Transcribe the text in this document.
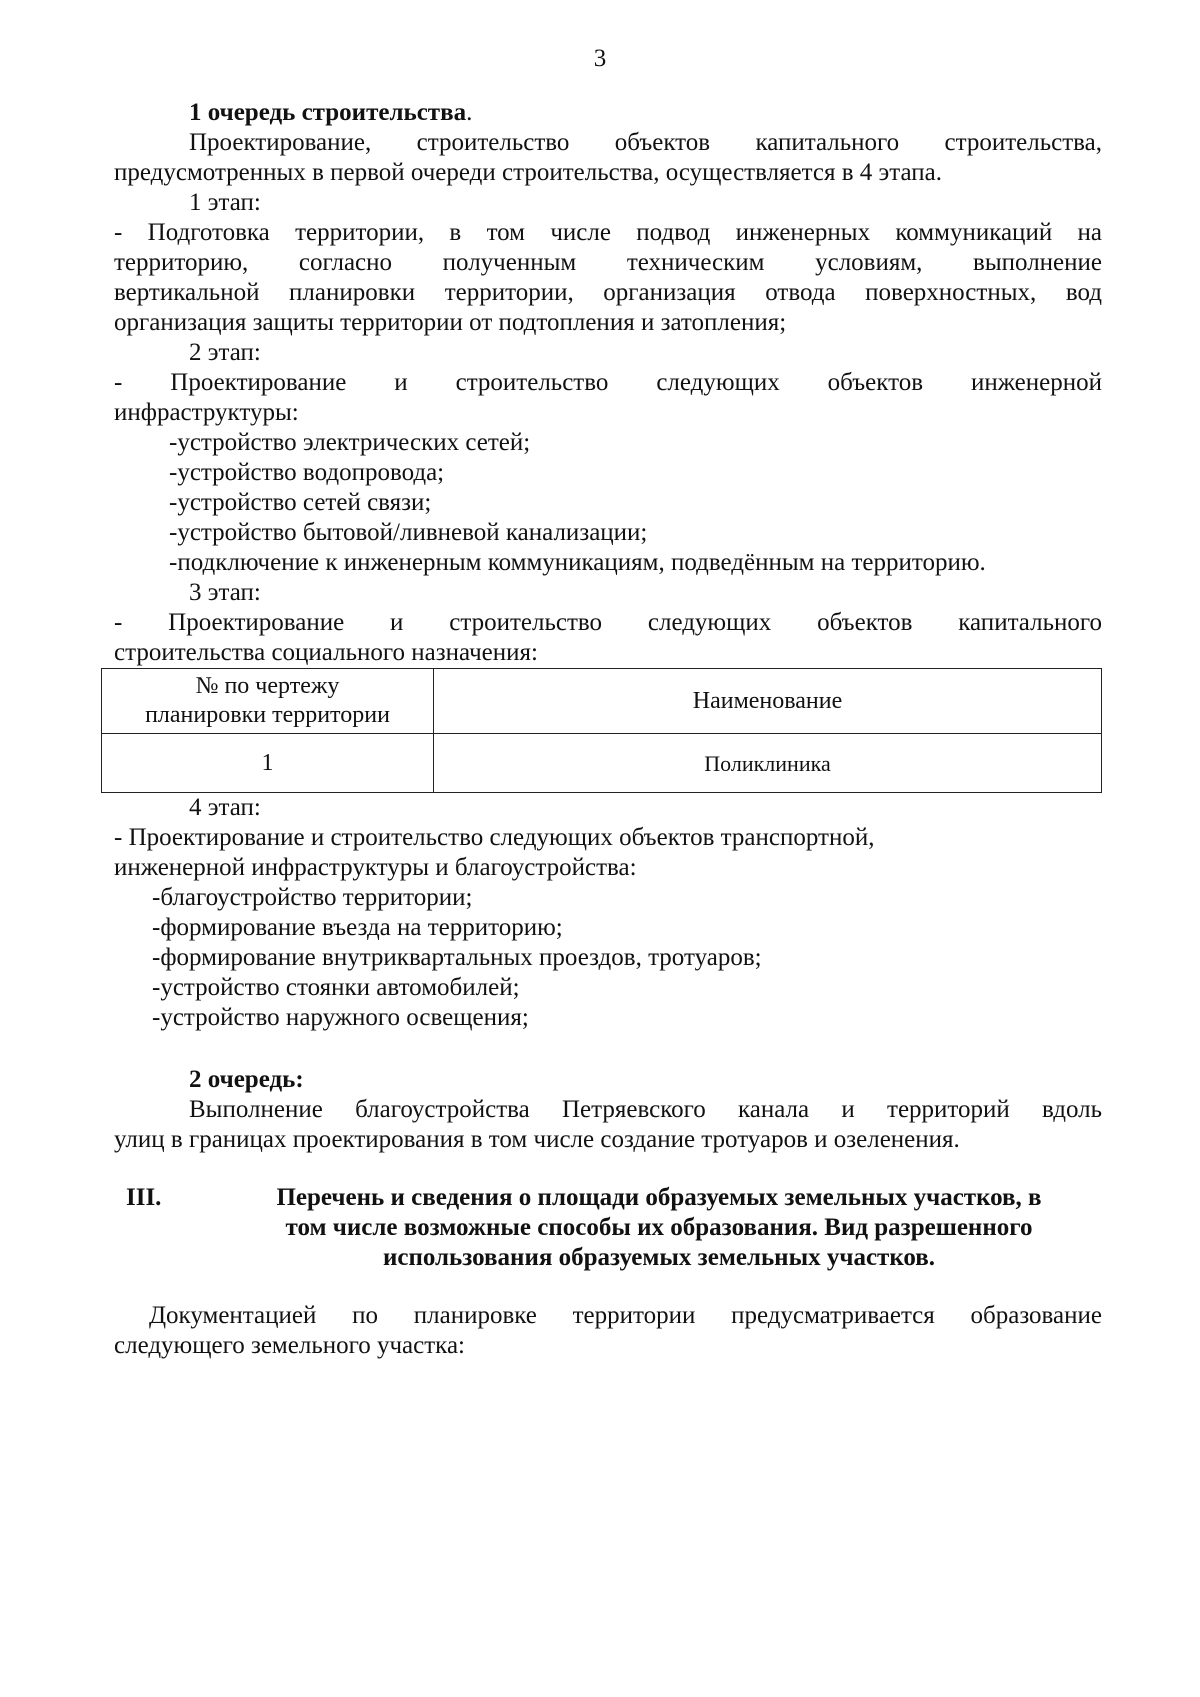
3

1 очередь строительства.

Проектирование, строительство объектов капитального строительства,

предусмотренных в первой очереди строительства, осуществляется в 4 этапа.

1 этап:

- Подготовка территории, в том числе подвод инженерных коммуникаций на

территорию, согласно полученным техническим условиям, выполнение

вертикальной планировки территории, организация отвода поверхностных, вод

организация защиты территории от подтопления и затопления;

2 этап:

- Проектирование и строительство следующих объектов инженерной

инфраструктуры:

-устройство электрических сетей;

-устройство водопровода;

-устройство сетей связи;

-устройство бытовой/ливневой канализации;

-подключение к инженерным коммуникациям, подведённым на территорию.

3 этап:

- Проектирование и строительство следующих объектов капитального

строительства социального назначения:

№ по чертежу
планировки территории	Наименование
1	Поликлиника

4 этап:

- Проектирование и строительство следующих объектов транспортной,

инженерной инфраструктуры и благоустройства:

-благоустройство территории;

-формирование въезда на территорию;

-формирование внутриквартальных проездов, тротуаров;

-устройство стоянки автомобилей;

-устройство наружного освещения;

2 очередь:

Выполнение благоустройства Петряевского канала и территорий вдоль

улиц в границах проектирования в том числе создание тротуаров и озеленения.

III.	Перечень и сведения о площади образуемых земельных участков, в
том числе возможные способы их образования. Вид разрешенного
использования образуемых земельных участков.

Документацией по планировке территории предусматривается образование

следующего земельного участка:
